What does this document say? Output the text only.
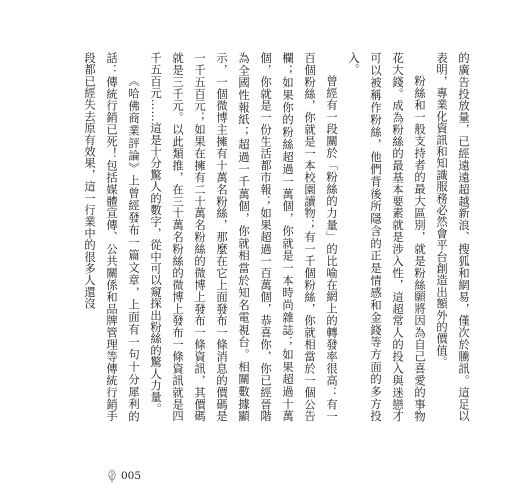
的廣告投放量，已經遠遠超越新浪、搜狐和網易，僅次於騰訊。這足以表明，專業化資訊和知識服務必然會平台創造出額外的價值。

粉絲和一般支持者的最大區別，就是粉絲願將因為自己喜愛的事物花大錢。成為粉絲的最基本要素就是涉入性，這超常人的投入與迷戀才可以被稱作粉絲，他們背後所隱含的正是情感和金錢等方面的多方投入。

曾經有一段關於「粉絲的力量」的比喻在網上的轉發率很高：有一百個粉絲，你就是一本校園讀物；有一千個粉絲，你就相當於一個公告欄；如果你的粉絲超過一萬個，你就是一本時尚雜誌；如果超過十萬個，你就是一份生活都市報；如果超過一百萬個，恭喜你，你已經晉階為全國性報紙；超過一千萬個，你就相當於知名電視台。相關數據顯示，一個微博主擁有十萬名粉絲，那麼在它上面發布一條消息的價碼是一千五百元；如果在擁有二十萬名粉絲的微博上發布一條資訊，其價碼就是三千元。以此類推，在三十萬名粉絲的微博上發布一條資訊就是四千五百元……這是十分驚人的數字，從中可以窺探出粉絲的驚人力量。

《哈佛商業評論》上曾經發布一篇文章，上面有一句十分犀利的話：傳統行銷已死！包括媒體宣傳、公共關係和品牌管理等傳統行銷手段都已經失去原有效果，這一行業中的很多人還沒

005
